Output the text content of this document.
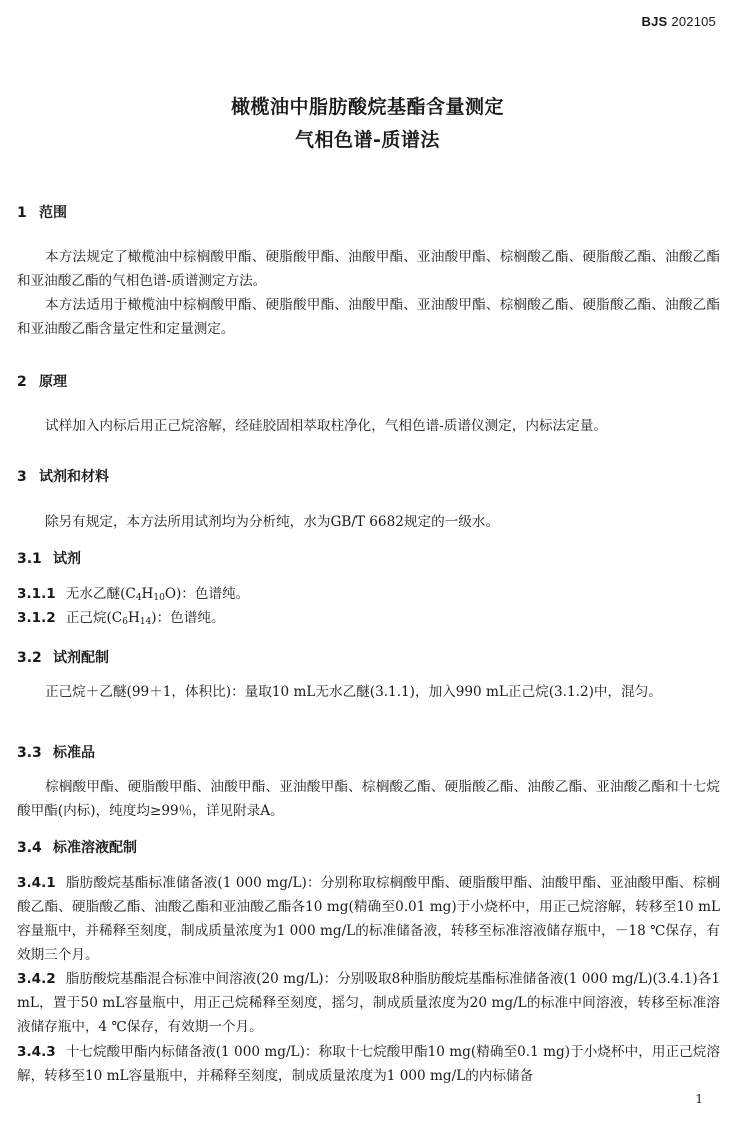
BJS 202105
橄榄油中脂肪酸烷基酯含量测定
气相色谱-质谱法
1 范围
本方法规定了橄榄油中棕榈酸甲酯、硬脂酸甲酯、油酸甲酯、亚油酸甲酯、棕榈酸乙酯、硬脂酸乙酯、油酸乙酯和亚油酸乙酯的气相色谱-质谱测定方法。
本方法适用于橄榄油中棕榈酸甲酯、硬脂酸甲酯、油酸甲酯、亚油酸甲酯、棕榈酸乙酯、硬脂酸乙酯、油酸乙酯和亚油酸乙酯含量定性和定量测定。
2 原理
试样加入内标后用正己烷溶解，经硅胶固相萃取柱净化，气相色谱-质谱仪测定，内标法定量。
3 试剂和材料
除另有规定，本方法所用试剂均为分析纯，水为GB/T 6682规定的一级水。
3.1 试剂
3.1.1 无水乙醚$(C_4H_{10}O)$：色谱纯。
3.1.2 正己烷$(C_6H_{14})$：色谱纯。
3.2 试剂配制
正己烷＋乙醚(99＋1，体积比)：量取10 mL无水乙醚(3.1.1)，加入990 mL正己烷(3.1.2)中，混匀。
3.3 标准品
棕榈酸甲酯、硬脂酸甲酯、油酸甲酯、亚油酸甲酯、棕榈酸乙酯、硬脂酸乙酯、油酸乙酯、亚油酸乙酯和十七烷酸甲酯(内标)，纯度均≥99％，详见附录A。
3.4 标准溶液配制
3.4.1 脂肪酸烷基酯标准储备液(1 000 mg/L)：分别称取棕榈酸甲酯、硬脂酸甲酯、油酸甲酯、亚油酸甲酯、棕榈酸乙酯、硬脂酸乙酯、油酸乙酯和亚油酸乙酯各10 mg(精确至0.01 mg)于小烧杯中，用正己烷溶解，转移至10 mL容量瓶中，并稀释至刻度，制成质量浓度为1 000 mg/L的标准储备液，转移至标准溶液储存瓶中，－18 ℃保存，有效期三个月。
3.4.2 脂肪酸烷基酯混合标准中间溶液(20 mg/L)：分别吸取8种脂肪酸烷基酯标准储备液(1 000 mg/L)(3.4.1)各1 mL，置于50 mL容量瓶中，用正己烷稀释至刻度，摇匀，制成质量浓度为20 mg/L的标准中间溶液，转移至标准溶液储存瓶中，4 ℃保存，有效期一个月。
3.4.3 十七烷酸甲酯内标储备液(1 000 mg/L)：称取十七烷酸甲酯10 mg(精确至0.1 mg)于小烧杯中，用正己烷溶解，转移至10 mL容量瓶中，并稀释至刻度，制成质量浓度为1 000 mg/L的内标储备
1
